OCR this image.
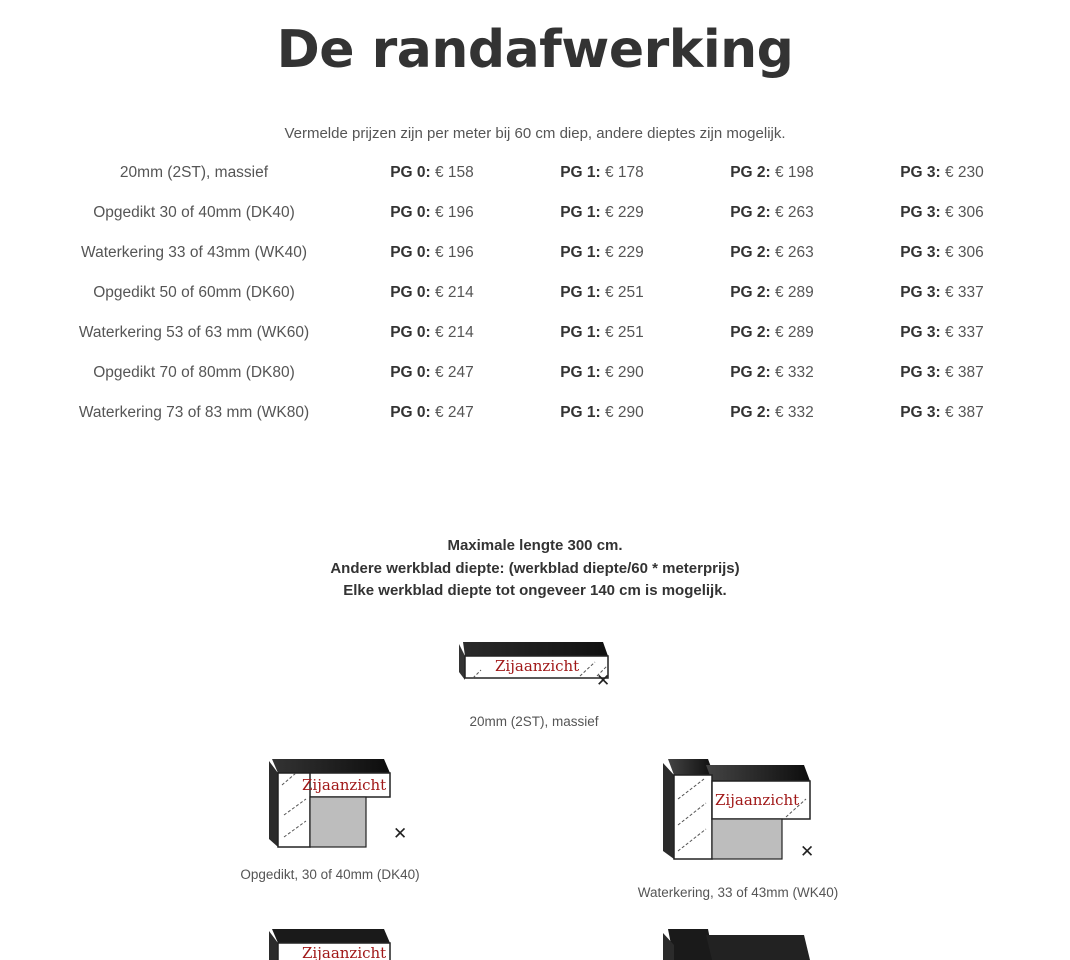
De randafwerking
Vermelde prijzen zijn per meter bij 60 cm diep, andere dieptes zijn mogelijk.
20mm (2ST), massief	PG 0: € 158	PG 1: € 178	PG 2: € 198	PG 3: € 230
Opgedikt 30 of 40mm (DK40)	PG 0: € 196	PG 1: € 229	PG 2: € 263	PG 3: € 306
Waterkering 33 of 43mm (WK40)	PG 0: € 196	PG 1: € 229	PG 2: € 263	PG 3: € 306
Opgedikt 50 of 60mm (DK60)	PG 0: € 214	PG 1: € 251	PG 2: € 289	PG 3: € 337
Waterkering 53 of 63 mm (WK60)	PG 0: € 214	PG 1: € 251	PG 2: € 289	PG 3: € 337
Opgedikt 70 of 80mm (DK80)	PG 0: € 247	PG 1: € 290	PG 2: € 332	PG 3: € 387
Waterkering 73 of 83 mm (WK80)	PG 0: € 247	PG 1: € 290	PG 2: € 332	PG 3: € 387
Maximale lengte 300 cm.
Andere werkblad diepte: (werkblad diepte/60 * meterprijs)
Elke werkblad diepte tot ongeveer 140 cm is mogelijk.
Zijaanzicht
✕
20mm (2ST), massief
Zijaanzicht
✕
Opgedikt, 30 of 40mm (DK40)
Zijaanzicht
✕
Waterkering, 33 of 43mm (WK40)
Zijaanzicht
